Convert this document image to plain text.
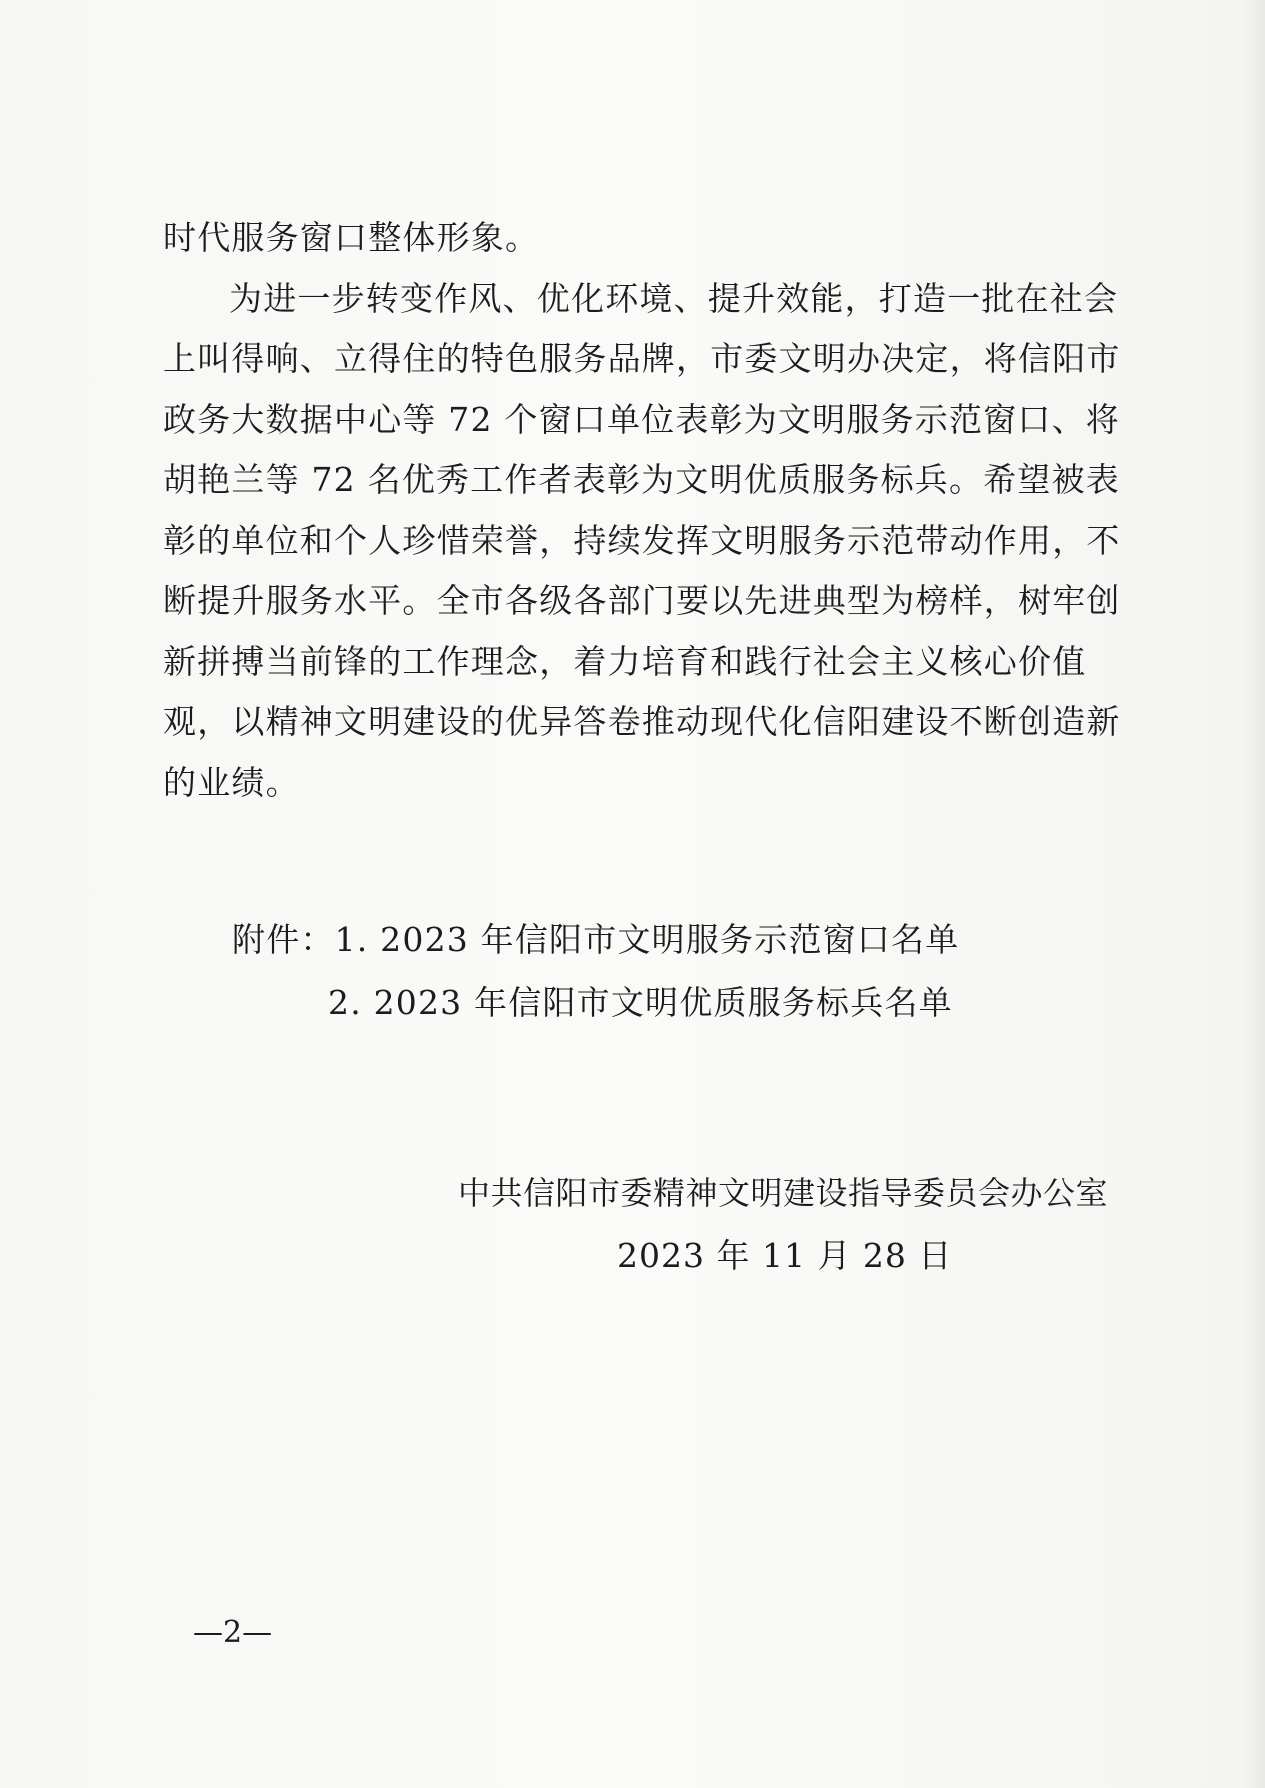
时代服务窗口整体形象。
为进一步转变作风、优化环境、提升效能，打造一批在社会
上叫得响、立得住的特色服务品牌，市委文明办决定，将信阳市
政务大数据中心等 72 个窗口单位表彰为文明服务示范窗口、将
胡艳兰等 72 名优秀工作者表彰为文明优质服务标兵。希望被表
彰的单位和个人珍惜荣誉，持续发挥文明服务示范带动作用，不
断提升服务水平。全市各级各部门要以先进典型为榜样，树牢创
新拼搏当前锋的工作理念，着力培育和践行社会主义核心价值
观，以精神文明建设的优异答卷推动现代化信阳建设不断创造新
的业绩。
附件：1. 2023 年信阳市文明服务示范窗口名单
2. 2023 年信阳市文明优质服务标兵名单
中共信阳市委精神文明建设指导委员会办公室
2023 年 11 月 28 日
—2—
